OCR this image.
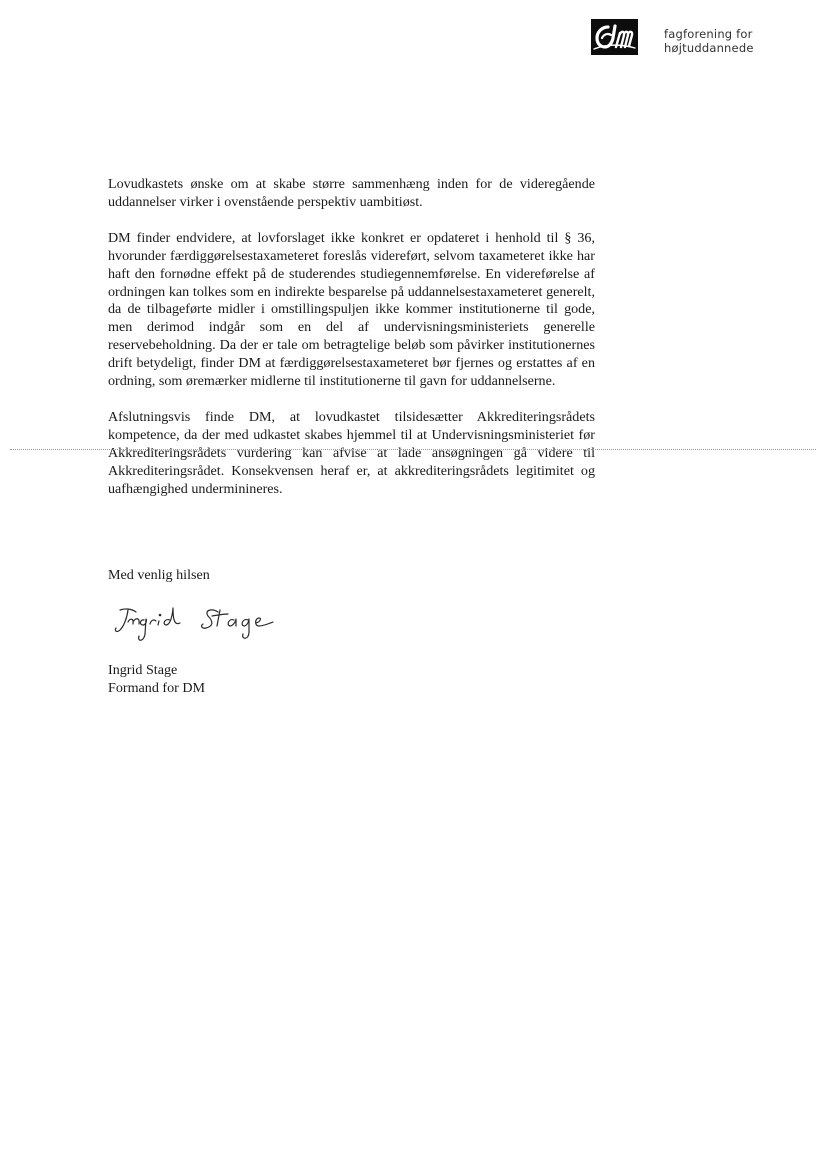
fagforening for
højtuddannede

Lovudkastets ønske om at skabe større sammenhæng inden for de videregående uddannelser virker i ovenstående perspektiv uambitiøst.

DM finder endvidere, at lovforslaget ikke konkret er opdateret i henhold til § 36, hvorunder færdiggørelsestaxameteret foreslås videreført, selvom taxameteret ikke har haft den fornødne effekt på de studerendes studiegennemførelse. En videreførelse af ordningen kan tolkes som en indirekte besparelse på uddannelsestaxameteret generelt, da de tilbageførte midler i omstillingspuljen ikke kommer institutionerne til gode, men derimod indgår som en del af undervisningsministeriets generelle reservebeholdning. Da der er tale om betragtelige beløb som påvirker institutionernes drift betydeligt, finder DM at færdiggørelsestaxameteret bør fjernes og erstattes af en ordning, som øremærker midlerne til institutionerne til gavn for uddannelserne.

Afslutningsvis finde DM, at lovudkastet tilsidesætter Akkrediteringsrådets kompetence, da der med udkastet skabes hjemmel til at Undervisningsministeriet før Akkrediteringsrådets vurdering kan afvise at lade ansøgningen gå videre til Akkrediteringsrådet. Konsekvensen heraf er, at akkrediteringsrådets legitimitet og uafhængighed underminineres.

Med venlig hilsen
Ingrid Stage
Formand for DM
